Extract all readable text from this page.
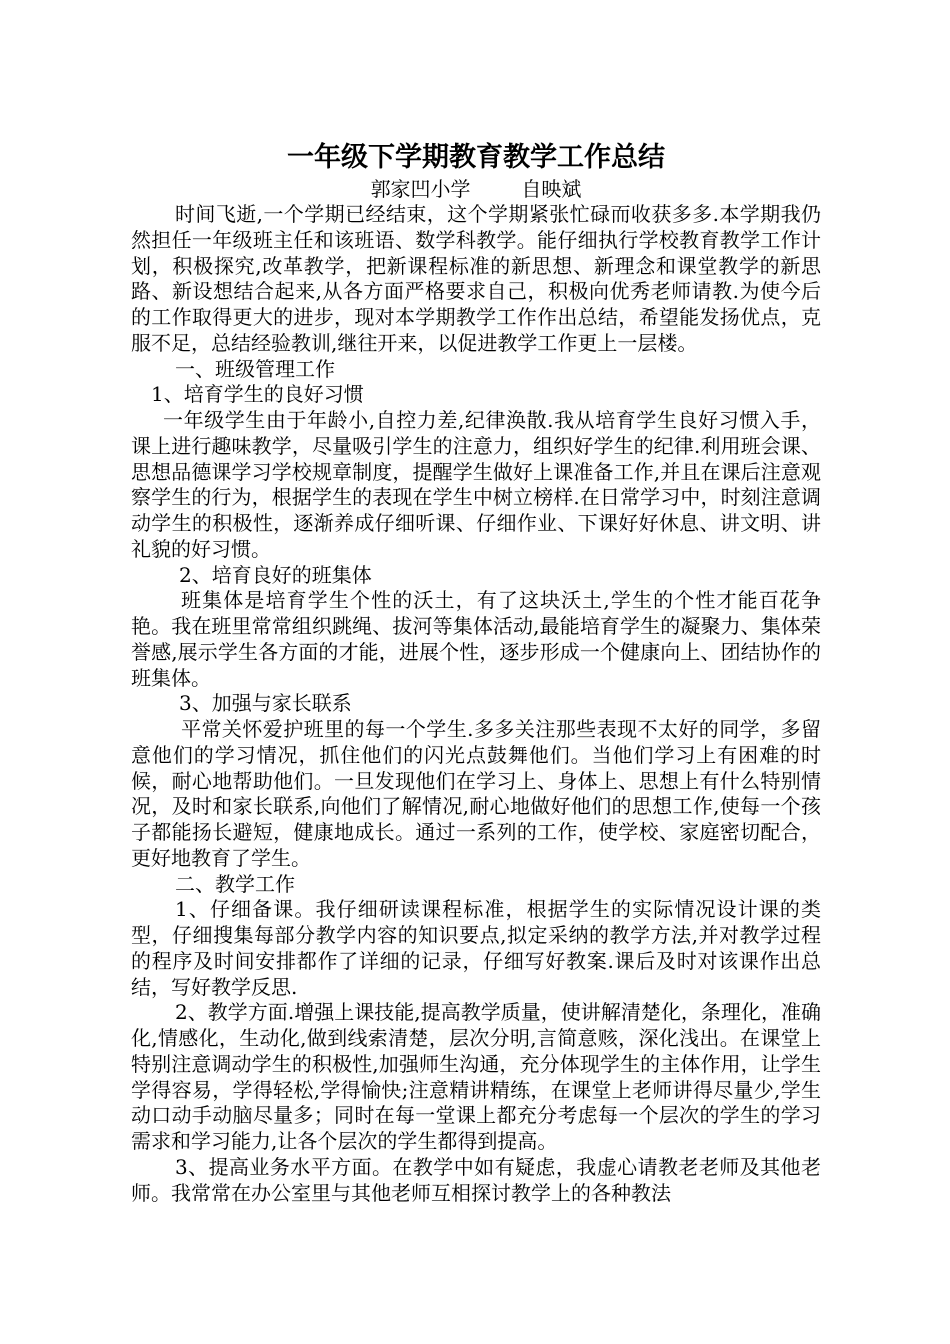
一年级下学期教育教学工作总结

郭家凹小学        自映斌

时间飞逝,一个学期已经结束，这个学期紧张忙碌而收获多多.本学期我仍然担任一年级班主任和该班语、数学科教学。能仔细执行学校教育教学工作计划，积极探究,改革教学，把新课程标准的新思想、新理念和课堂教学的新思路、新设想结合起来,从各方面严格要求自己，积极向优秀老师请教.为使今后的工作取得更大的进步，现对本学期教学工作作出总结，希望能发扬优点，克服不足，总结经验教训,继往开来，以促进教学工作更上一层楼。

一、班级管理工作

1、培育学生的良好习惯

一年级学生由于年龄小,自控力差,纪律涣散.我从培育学生良好习惯入手，课上进行趣味教学，尽量吸引学生的注意力，组织好学生的纪律.利用班会课、思想品德课学习学校规章制度，提醒学生做好上课准备工作,并且在课后注意观察学生的行为，根据学生的表现在学生中树立榜样.在日常学习中，时刻注意调动学生的积极性，逐渐养成仔细听课、仔细作业、下课好好休息、讲文明、讲礼貌的好习惯。

2、培育良好的班集体

班集体是培育学生个性的沃土，有了这块沃土,学生的个性才能百花争艳。我在班里常常组织跳绳、拔河等集体活动,最能培育学生的凝聚力、集体荣誉感,展示学生各方面的才能，进展个性，逐步形成一个健康向上、团结协作的班集体。

3、加强与家长联系

平常关怀爱护班里的每一个学生.多多关注那些表现不太好的同学，多留意他们的学习情况，抓住他们的闪光点鼓舞他们。当他们学习上有困难的时候，耐心地帮助他们。一旦发现他们在学习上、身体上、思想上有什么特别情况，及时和家长联系,向他们了解情况,耐心地做好他们的思想工作,使每一个孩子都能扬长避短，健康地成长。通过一系列的工作，使学校、家庭密切配合，更好地教育了学生。

二、教学工作

1、仔细备课。我仔细研读课程标准，根据学生的实际情况设计课的类型，仔细搜集每部分教学内容的知识要点,拟定采纳的教学方法,并对教学过程的程序及时间安排都作了详细的记录，仔细写好教案.课后及时对该课作出总结，写好教学反思.

2、教学方面.增强上课技能,提高教学质量，使讲解清楚化，条理化，准确化,情感化，生动化,做到线索清楚，层次分明,言简意赅，深化浅出。在课堂上特别注意调动学生的积极性,加强师生沟通，充分体现学生的主体作用，让学生学得容易，学得轻松,学得愉快;注意精讲精练，在课堂上老师讲得尽量少,学生动口动手动脑尽量多；同时在每一堂课上都充分考虑每一个层次的学生的学习需求和学习能力,让各个层次的学生都得到提高。

3、提高业务水平方面。在教学中如有疑虑，我虚心请教老老师及其他老师。我常常在办公室里与其他老师互相探讨教学上的各种教法
